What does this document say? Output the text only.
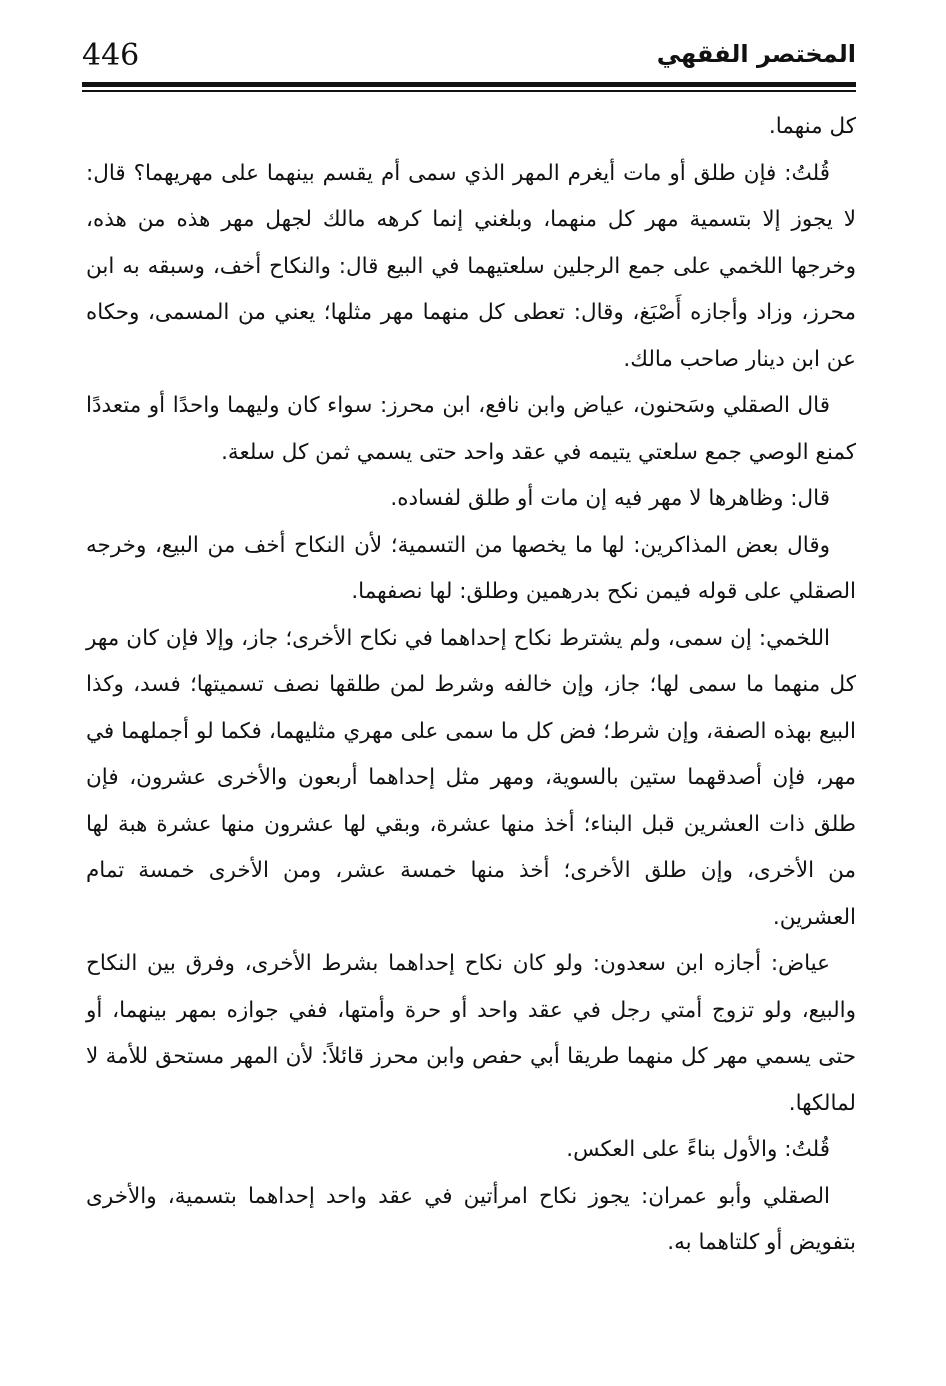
446	المختصر الفقهي

كل منهما.

قُلتُ: فإن طلق أو مات أيغرم المهر الذي سمى أم يقسم بينهما على مهريهما؟ قال: لا يجوز إلا بتسمية مهر كل منهما، وبلغني إنما كرهه مالك لجهل مهر هذه من هذه، وخرجها اللخمي على جمع الرجلين سلعتيهما في البيع قال: والنكاح أخف، وسبقه به ابن محرز، وزاد وأجازه أَصْبَغ، وقال: تعطى كل منهما مهر مثلها؛ يعني من المسمى، وحكاه عن ابن دينار صاحب مالك.

قال الصقلي وسَحنون، عياض وابن نافع، ابن محرز: سواء كان وليهما واحدًا أو متعددًا كمنع الوصي جمع سلعتي يتيمه في عقد واحد حتى يسمي ثمن كل سلعة.

قال: وظاهرها لا مهر فيه إن مات أو طلق لفساده.

وقال بعض المذاكرين: لها ما يخصها من التسمية؛ لأن النكاح أخف من البيع، وخرجه الصقلي على قوله فيمن نكح بدرهمين وطلق: لها نصفهما.

اللخمي: إن سمى، ولم يشترط نكاح إحداهما في نكاح الأخرى؛ جاز، وإلا فإن كان مهر كل منهما ما سمى لها؛ جاز، وإن خالفه وشرط لمن طلقها نصف تسميتها؛ فسد، وكذا البيع بهذه الصفة، وإن شرط؛ فض كل ما سمى على مهري مثليهما، فكما لو أجملهما في مهر، فإن أصدقهما ستين بالسوية، ومهر مثل إحداهما أربعون والأخرى عشرون، فإن طلق ذات العشرين قبل البناء؛ أخذ منها عشرة، وبقي لها عشرون منها عشرة هبة لها من الأخرى، وإن طلق الأخرى؛ أخذ منها خمسة عشر، ومن الأخرى خمسة تمام العشرين.

عياض: أجازه ابن سعدون: ولو كان نكاح إحداهما بشرط الأخرى، وفرق بين النكاح والبيع، ولو تزوج أمتي رجل في عقد واحد أو حرة وأمتها، ففي جوازه بمهر بينهما، أو حتى يسمي مهر كل منهما طريقا أبي حفص وابن محرز قائلاً: لأن المهر مستحق للأمة لا لمالكها.

قُلتُ: والأول بناءً على العكس.

الصقلي وأبو عمران: يجوز نكاح امرأتين في عقد واحد إحداهما بتسمية، والأخرى بتفويض أو كلتاهما به.
